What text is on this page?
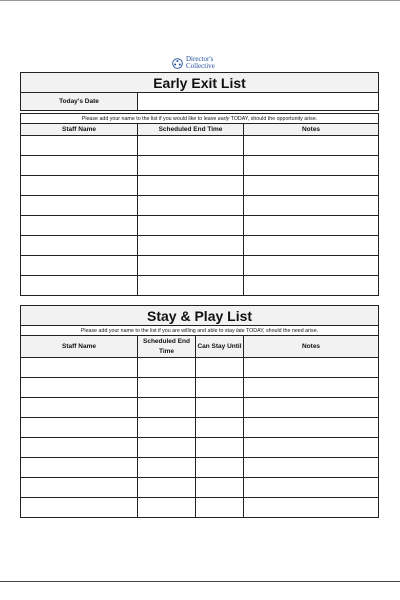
Director's
Collective
Early Exit List		
Today's Date		

Please add your name to the list if you would like to leave early TODAY, should the opportunity arise.		
Staff Name	Scheduled End Time	Notes

Stay & Play List			
Please add your name to the list if you are willing and able to stay late TODAY, should the need arise.			
Staff Name	Scheduled End Time	Can Stay Until	Notes
